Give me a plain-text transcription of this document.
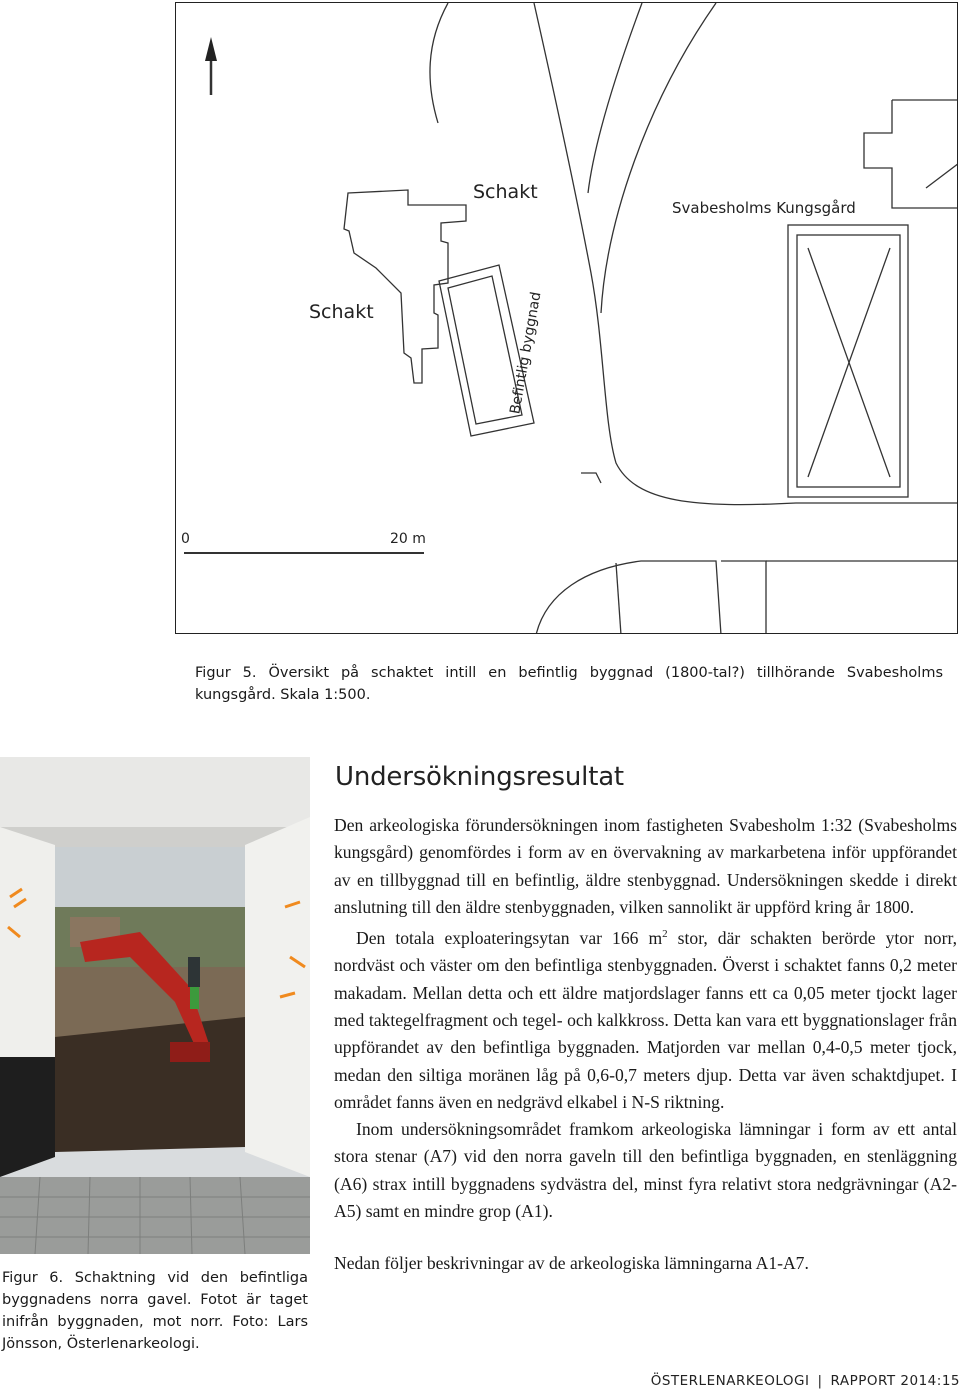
Schakt
Schakt
Svabesholms Kungsgård
Befintlig byggnad
0	20 m
Figur 5. Översikt på schaktet intill en befintlig byggnad (1800-tal?) tillhörande Svabesholms kungsgård. Skala 1:500.
Figur 6. Schaktning vid den befintliga byggnadens norra gavel. Fotot är taget inifrån byggnaden, mot norr. Foto: Lars Jönsson, Österlenarkeologi.
Undersökningsresultat

Den arkeologiska förundersökningen inom fastigheten Svabesholm 1:32 (Svabesholms kungsgård) genomfördes i form av en övervakning av markarbetena inför uppförandet av en tillbyggnad till en befintlig, äldre stenbyggnad. Undersökningen skedde i direkt anslutning till den äldre stenbyggnaden, vilken sannolikt är uppförd kring år 1800.

Den totala exploateringsytan var 166 $m^2$ stor, där schakten berörde ytor norr, nordväst och väster om den befintliga stenbyggnaden. Överst i schaktet fanns 0,2 meter makadam. Mellan detta och ett äldre matjordslager fanns ett ca 0,05 meter tjockt lager med taktegelfragment och tegel- och kalkkross. Detta kan vara ett byggnationslager från uppförandet av den befintliga byggnaden. Matjorden var mellan 0,4-0,5 meter tjock, medan den siltiga moränen låg på 0,6-0,7 meters djup. Detta var även schaktdjupet. I området fanns även en nedgrävd elkabel i N-S riktning.

Inom undersökningsområdet framkom arkeologiska lämningar i form av ett antal stora stenar (A7) vid den norra gaveln till den befintliga byggnaden, en stenläggning (A6) strax intill byggnadens sydvästra del, minst fyra relativt stora nedgrävningar (A2-A5) samt en mindre grop (A1).

Nedan följer beskrivningar av de arkeologiska lämningarna A1-A7.

ÖSTERLENARKEOLOGI | RAPPORT 2014:15
